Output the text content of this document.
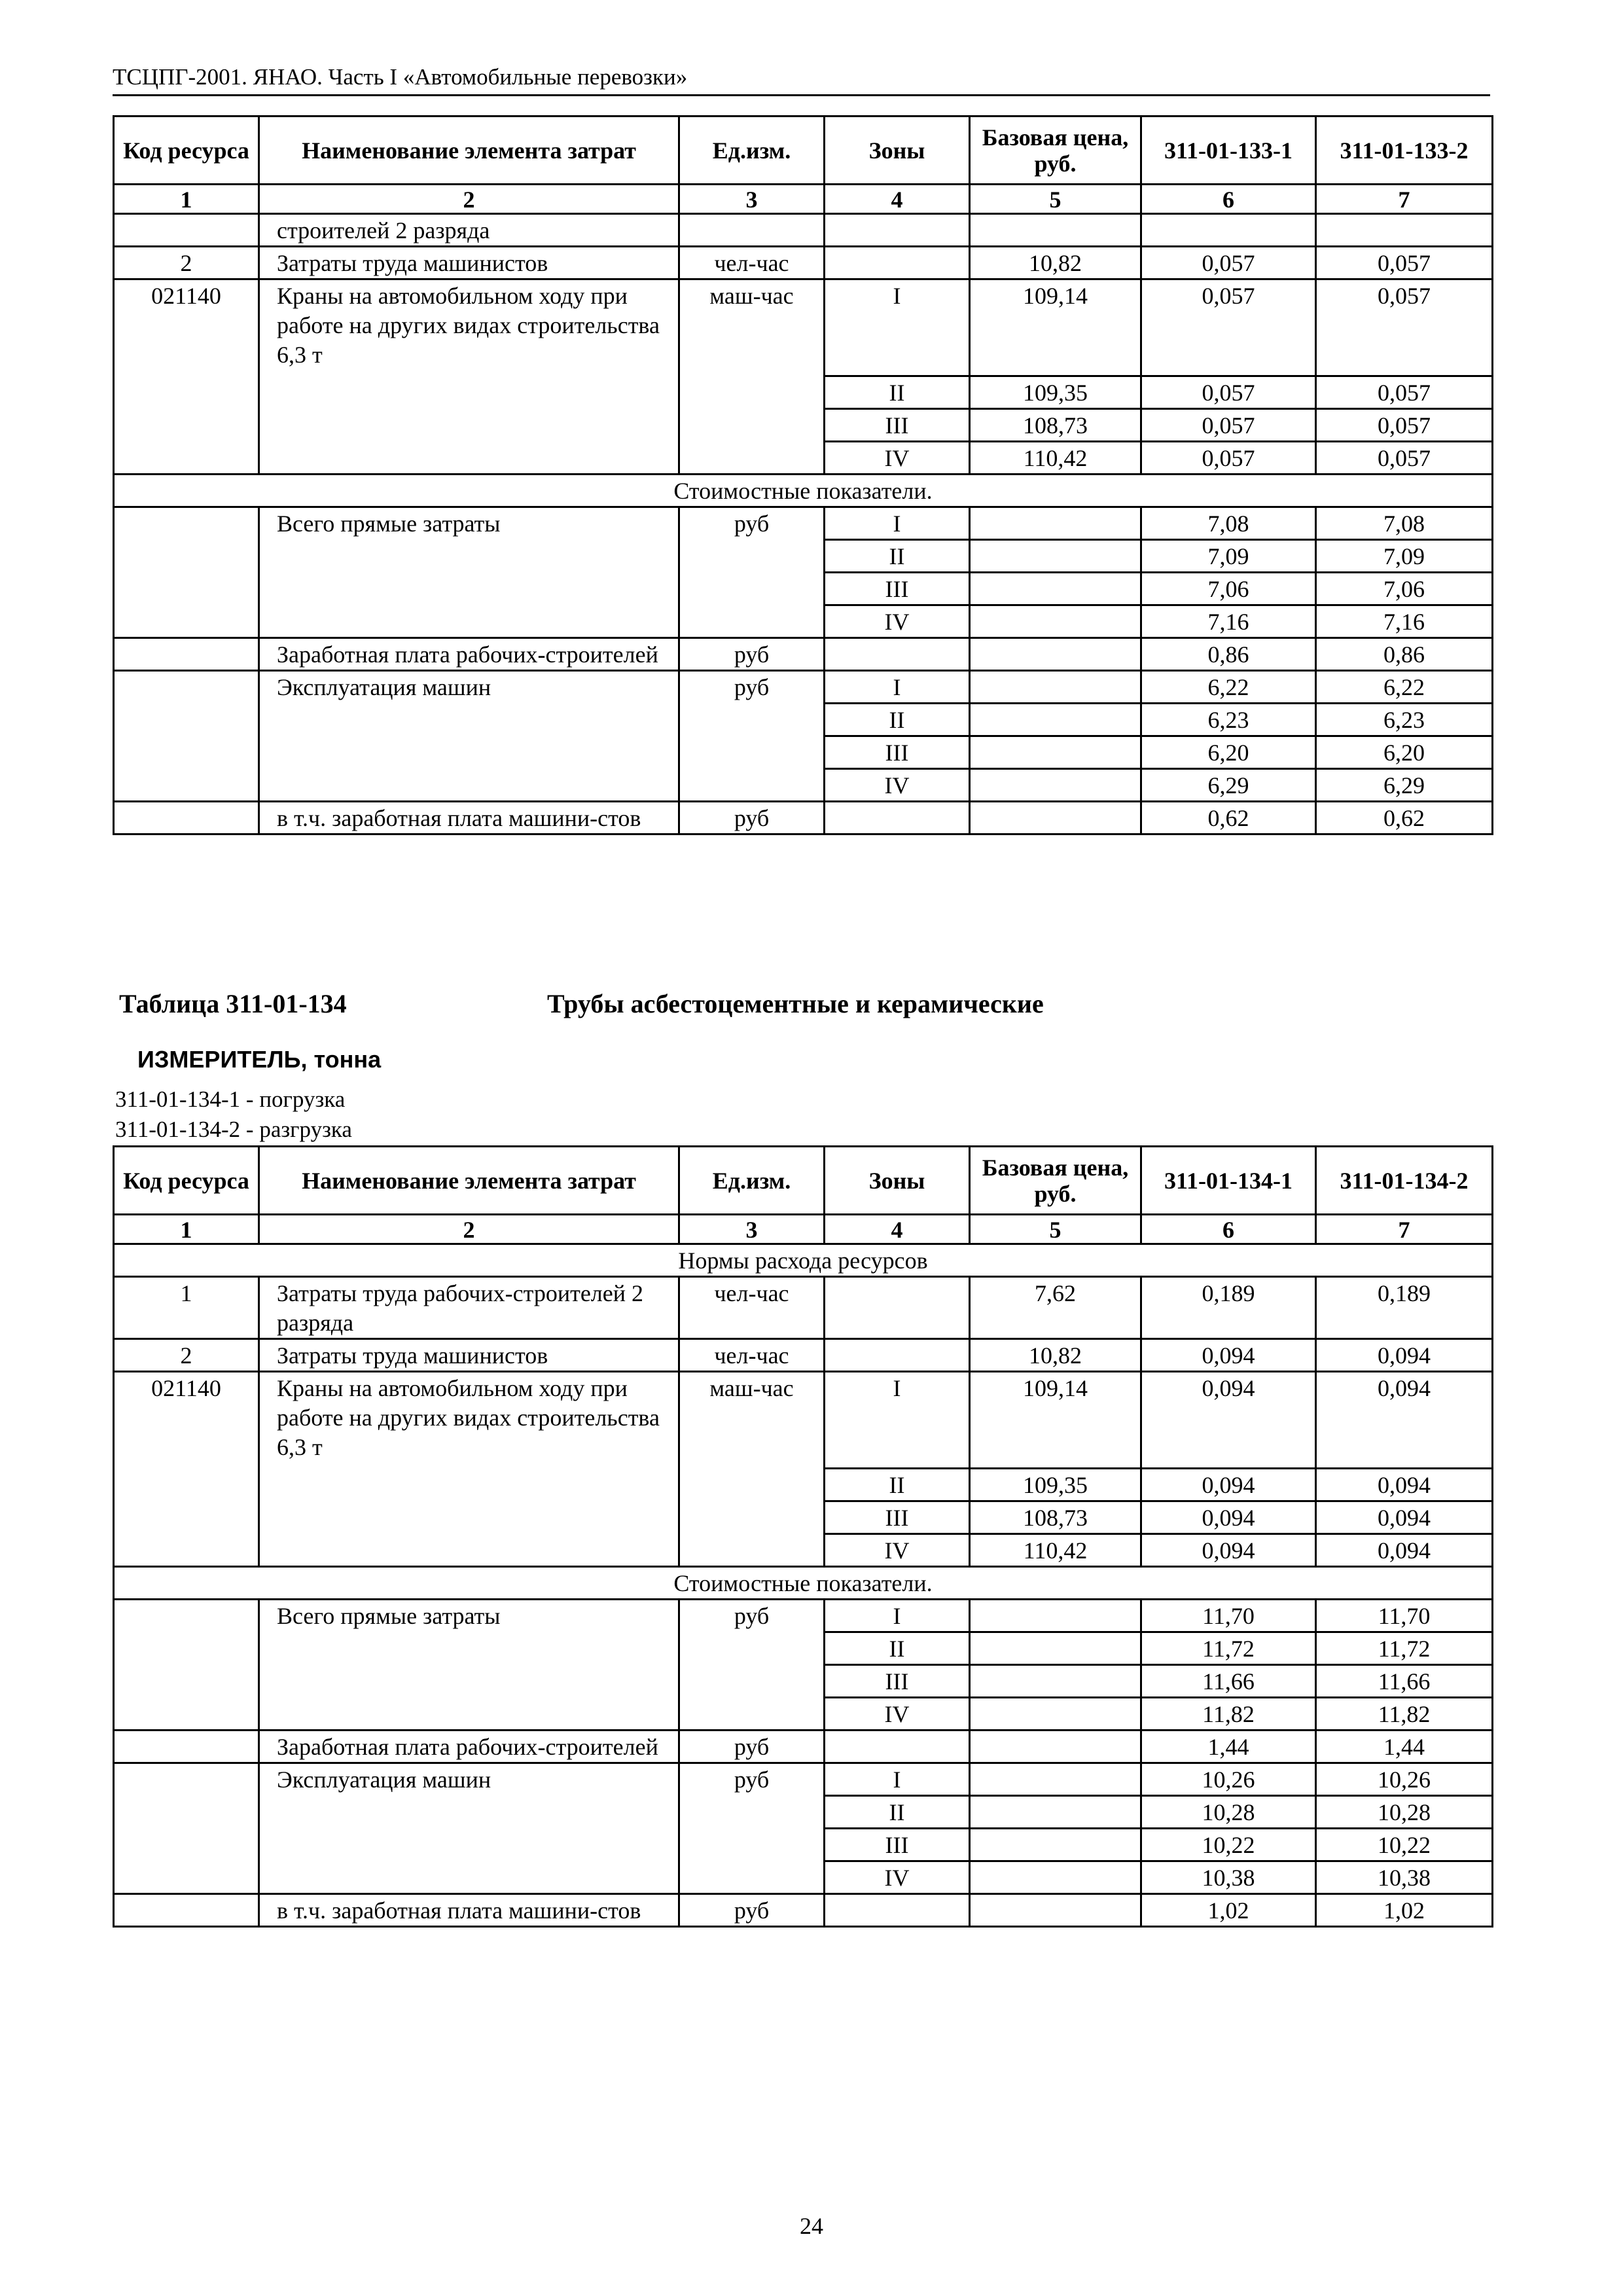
ТСЦПГ-2001. ЯНАО. Часть I «Автомобильные перевозки»
Код ресурса	Наименование элемента затрат	Ед.изм.	Зоны	Базовая цена, руб.	311-01-133-1	311-01-133-2
1	2	3	4	5	6	7
	строителей 2 разряда					
2	Затраты труда машинистов	чел-час		10,82	0,057	0,057
021140	Краны на автомобильном ходу при работе на других видах строительства 6,3 т	маш-час	I	109,14	0,057	0,057
			II	109,35	0,057	0,057
			III	108,73	0,057	0,057
			IV	110,42	0,057	0,057
Стоимостные показатели.						
	Всего прямые затраты	руб	I		7,08	7,08
			II		7,09	7,09
			III		7,06	7,06
			IV		7,16	7,16
	Заработная плата рабочих-строителей	руб			0,86	0,86
	Эксплуатация машин	руб	I		6,22	6,22
			II		6,23	6,23
			III		6,20	6,20
			IV		6,29	6,29
	в т.ч. заработная плата машини-стов	руб			0,62	0,62
Таблица 311-01-134	Трубы асбестоцементные и керамические
ИЗМЕРИТЕЛЬ, тонна
311-01-134-1 - погрузка
311-01-134-2 - разгрузка
Код ресурса	Наименование элемента затрат	Ед.изм.	Зоны	Базовая цена, руб.	311-01-134-1	311-01-134-2
1	2	3	4	5	6	7
Нормы расхода ресурсов						
1	Затраты труда рабочих-строителей 2 разряда	чел-час		7,62	0,189	0,189
2	Затраты труда машинистов	чел-час		10,82	0,094	0,094
021140	Краны на автомобильном ходу при работе на других видах строительства 6,3 т	маш-час	I	109,14	0,094	0,094
			II	109,35	0,094	0,094
			III	108,73	0,094	0,094
			IV	110,42	0,094	0,094
Стоимостные показатели.						
	Всего прямые затраты	руб	I		11,70	11,70
			II		11,72	11,72
			III		11,66	11,66
			IV		11,82	11,82
	Заработная плата рабочих-строителей	руб			1,44	1,44
	Эксплуатация машин	руб	I		10,26	10,26
			II		10,28	10,28
			III		10,22	10,22
			IV		10,38	10,38
	в т.ч. заработная плата машини-стов	руб			1,02	1,02
24
